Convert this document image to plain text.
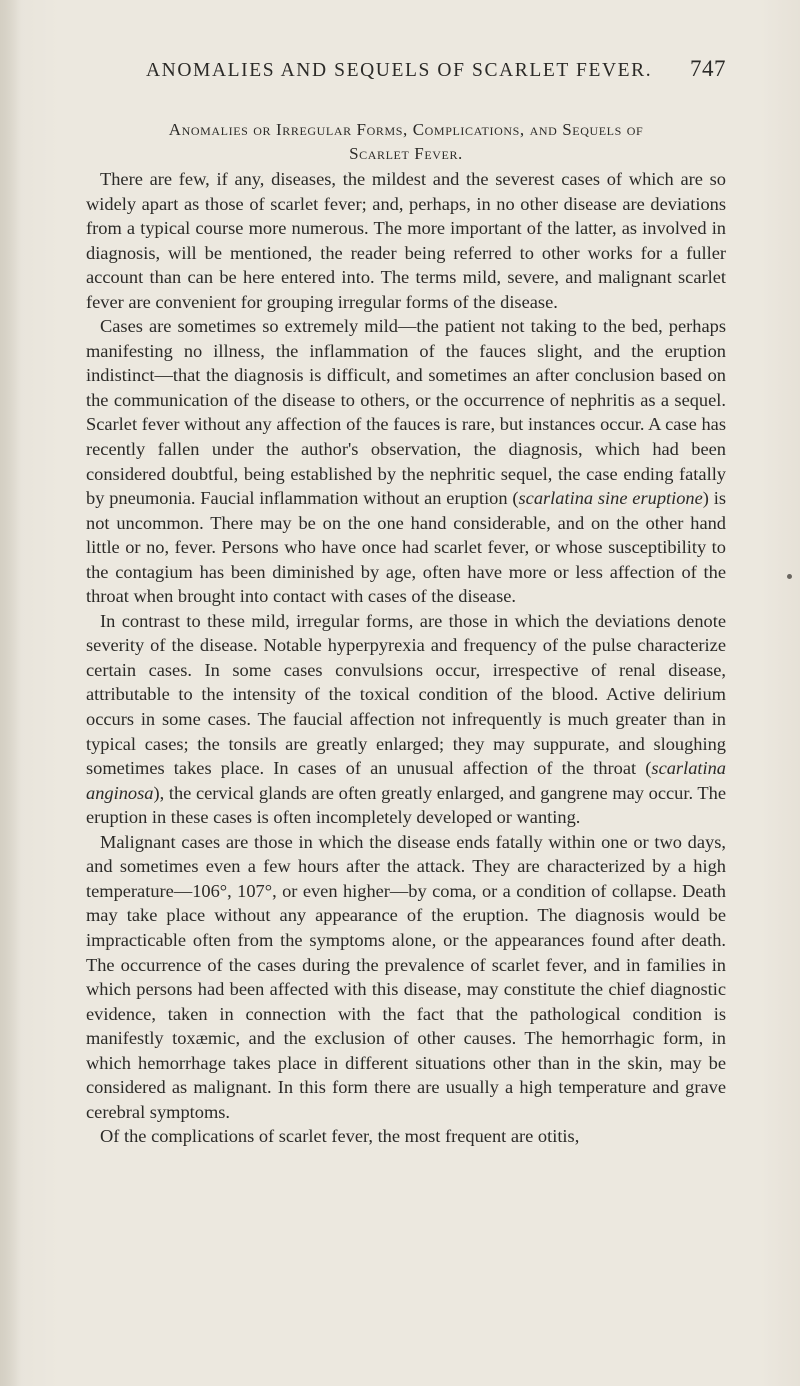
ANOMALIES AND SEQUELS OF SCARLET FEVER. 747
Anomalies or Irregular Forms, Complications, and Sequels of
Scarlet Fever.

There are few, if any, diseases, the mildest and the severest cases of which are so widely apart as those of scarlet fever; and, perhaps, in no other disease are deviations from a typical course more numerous. The more important of the latter, as involved in diagnosis, will be mentioned, the reader being referred to other works for a fuller account than can be here entered into. The terms mild, severe, and malignant scarlet fever are convenient for grouping irregular forms of the disease.

Cases are sometimes so extremely mild—the patient not taking to the bed, perhaps manifesting no illness, the inflammation of the fauces slight, and the eruption indistinct—that the diagnosis is difficult, and sometimes an after conclusion based on the communication of the disease to others, or the occurrence of nephritis as a sequel. Scarlet fever without any affection of the fauces is rare, but instances occur. A case has recently fallen under the author's observation, the diagnosis, which had been considered doubtful, being established by the nephritic sequel, the case ending fatally by pneumonia. Faucial inflammation without an eruption (scarlatina sine eruptione) is not uncommon. There may be on the one hand considerable, and on the other hand little or no, fever. Persons who have once had scarlet fever, or whose susceptibility to the contagium has been diminished by age, often have more or less affection of the throat when brought into contact with cases of the disease.

In contrast to these mild, irregular forms, are those in which the deviations denote severity of the disease. Notable hyperpyrexia and frequency of the pulse characterize certain cases. In some cases convulsions occur, irrespective of renal disease, attributable to the intensity of the toxical condition of the blood. Active delirium occurs in some cases. The faucial affection not infrequently is much greater than in typical cases; the tonsils are greatly enlarged; they may suppurate, and sloughing sometimes takes place. In cases of an unusual affection of the throat (scarlatina anginosa), the cervical glands are often greatly enlarged, and gangrene may occur. The eruption in these cases is often incompletely developed or wanting.

Malignant cases are those in which the disease ends fatally within one or two days, and sometimes even a few hours after the attack. They are characterized by a high temperature—106°, 107°, or even higher—by coma, or a condition of collapse. Death may take place without any appearance of the eruption. The diagnosis would be impracticable often from the symptoms alone, or the appearances found after death. The occurrence of the cases during the prevalence of scarlet fever, and in families in which persons had been affected with this disease, may constitute the chief diagnostic evidence, taken in connection with the fact that the pathological condition is manifestly toxæmic, and the exclusion of other causes. The hemorrhagic form, in which hemorrhage takes place in different situations other than in the skin, may be considered as malignant. In this form there are usually a high temperature and grave cerebral symptoms.

Of the complications of scarlet fever, the most frequent are otitis,
